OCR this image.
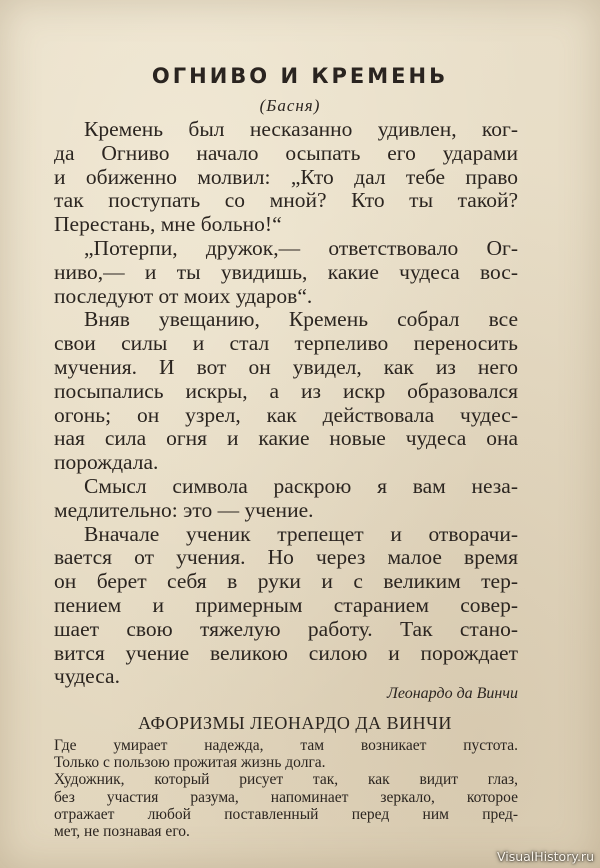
ОГНИВО И КРЕМЕНЬ
(Басня)
Кремень был несказанно удивлен, ког-
да Огниво начало осыпать его ударами
и обиженно молвил: „Кто дал тебе право
так поступать со мной? Кто ты такой?
Перестань, мне больно!“
„Потерпи, дружок,— ответствовало Ог-
ниво,— и ты увидишь, какие чудеса вос-
последуют от моих ударов“.
Вняв увещанию, Кремень собрал все
свои силы и стал терпеливо переносить
мучения. И вот он увидел, как из него
посыпались искры, а из искр образовался
огонь; он узрел, как действовала чудес-
ная сила огня и какие новые чудеса она
порождала.
Смысл символа раскрою я вам неза-
медлительно: это — учение.
Вначале ученик трепещет и отворачи-
вается от учения. Но через малое время
он берет себя в руки и с великим тер-
пением и примерным старанием совер-
шает свою тяжелую работу. Так стано-
вится учение великою силою и порождает
чудеса.
Леонардо да Винчи
АФОРИЗМЫ ЛЕОНАРДО ДА ВИНЧИ
Где умирает надежда, там возникает пустота.
Только с пользою прожитая жизнь долга.
Художник, который рисует так, как видит глаз,
без участия разума, напоминает зеркало, которое
отражает любой поставленный перед ним пред-
мет, не познавая его.
VisualHistory.ru
